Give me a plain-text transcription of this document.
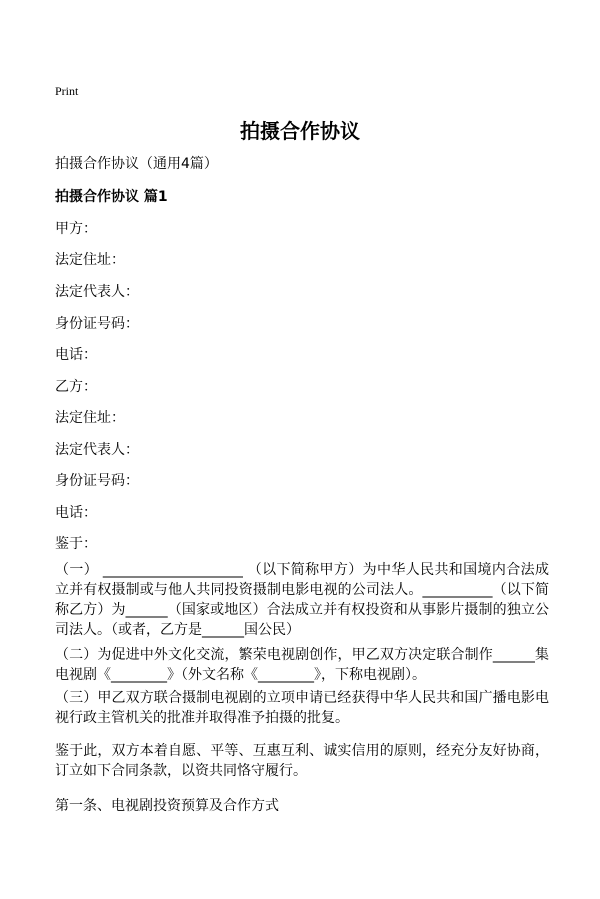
Print
拍摄合作协议

拍摄合作协议（通用4篇）

拍摄合作协议 篇1

甲方：

法定住址：

法定代表人：

身份证号码：

电话：

乙方：

法定住址：

法定代表人：

身份证号码：

电话：

鉴于：

（一） ____________________ （以下简称甲方）为中华人民共和国境内合法成立并有权摄制或与他人共同投资摄制电影电视的公司法人。__________（以下简称乙方）为______（国家或地区）合法成立并有权投资和从事影片摄制的独立公司法人。（或者，乙方是______国公民）

（二）为促进中外文化交流，繁荣电视剧创作，甲乙双方决定联合制作______集电视剧《________》（外文名称《________》，下称电视剧）。

（三）甲乙双方联合摄制电视剧的立项申请已经获得中华人民共和国广播电影电视行政主管机关的批准并取得准予拍摄的批复。

鉴于此，双方本着自愿、平等、互惠互利、诚实信用的原则，经充分友好协商，订立如下合同条款，以资共同恪守履行。

第一条、电视剧投资预算及合作方式
